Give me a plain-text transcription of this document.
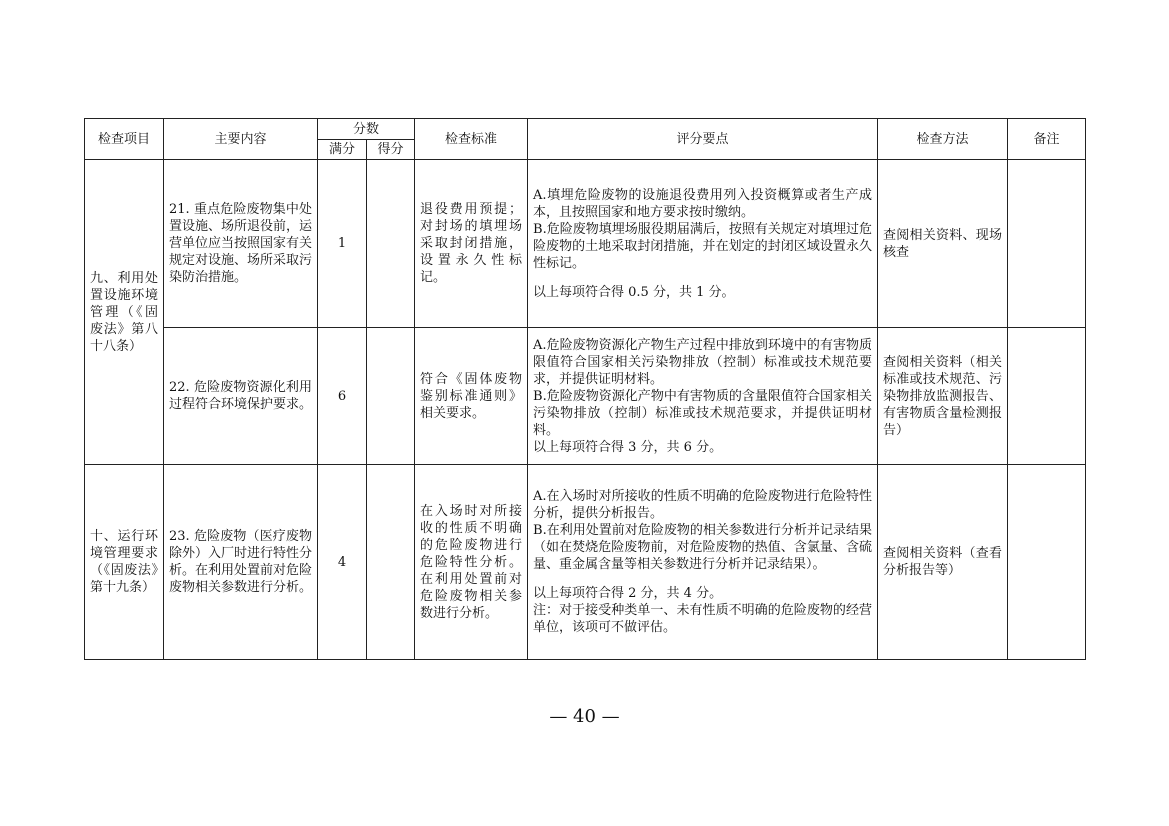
检查项目	主要内容	分数		检查标准	评分要点	检查方法	备注
		满分	得分				
九、利用处置设施环境管理（《固废法》第八十八条）	21. 重点危险废物集中处置设施、场所退役前，运营单位应当按照国家有关规定对设施、场所采取污染防治措施。	1		退役费用预提；对封场的填埋场采取封闭措施，设置永久性标记。	A.填埋危险废物的设施退役费用列入投资概算或者生产成本，且按照国家和地方要求按时缴纳。
B.危险废物填埋场服役期届满后，按照有关规定对填埋过危险废物的土地采取封闭措施，并在划定的封闭区域设置永久性标记。
以上每项符合得 0.5 分，共 1 分。	查阅相关资料、现场核查	
	22. 危险废物资源化利用过程符合环境保护要求。	6		符合《固体废物鉴别标准通则》相关要求。	A.危险废物资源化产物生产过程中排放到环境中的有害物质限值符合国家相关污染物排放（控制）标准或技术规范要求，并提供证明材料。
B.危险废物资源化产物中有害物质的含量限值符合国家相关污染物排放（控制）标准或技术规范要求，并提供证明材料。
以上每项符合得 3 分，共 6 分。	查阅相关资料（相关标准或技术规范、污染物排放监测报告、有害物质含量检测报告）	
十、运行环境管理要求（《固废法》第十九条）	23. 危险废物（医疗废物除外）入厂时进行特性分析。在利用处置前对危险废物相关参数进行分析。	4		在入场时对所接收的性质不明确的危险废物进行危险特性分析。在利用处置前对危险废物相关参数进行分析。	A.在入场时对所接收的性质不明确的危险废物进行危险特性分析，提供分析报告。
B.在利用处置前对危险废物的相关参数进行分析并记录结果（如在焚烧危险废物前，对危险废物的热值、含氯量、含硫量、重金属含量等相关参数进行分析并记录结果）。
以上每项符合得 2 分，共 4 分。
注：对于接受种类单一、未有性质不明确的危险废物的经营单位，该项可不做评估。	查阅相关资料（查看分析报告等）	
— 40 —
